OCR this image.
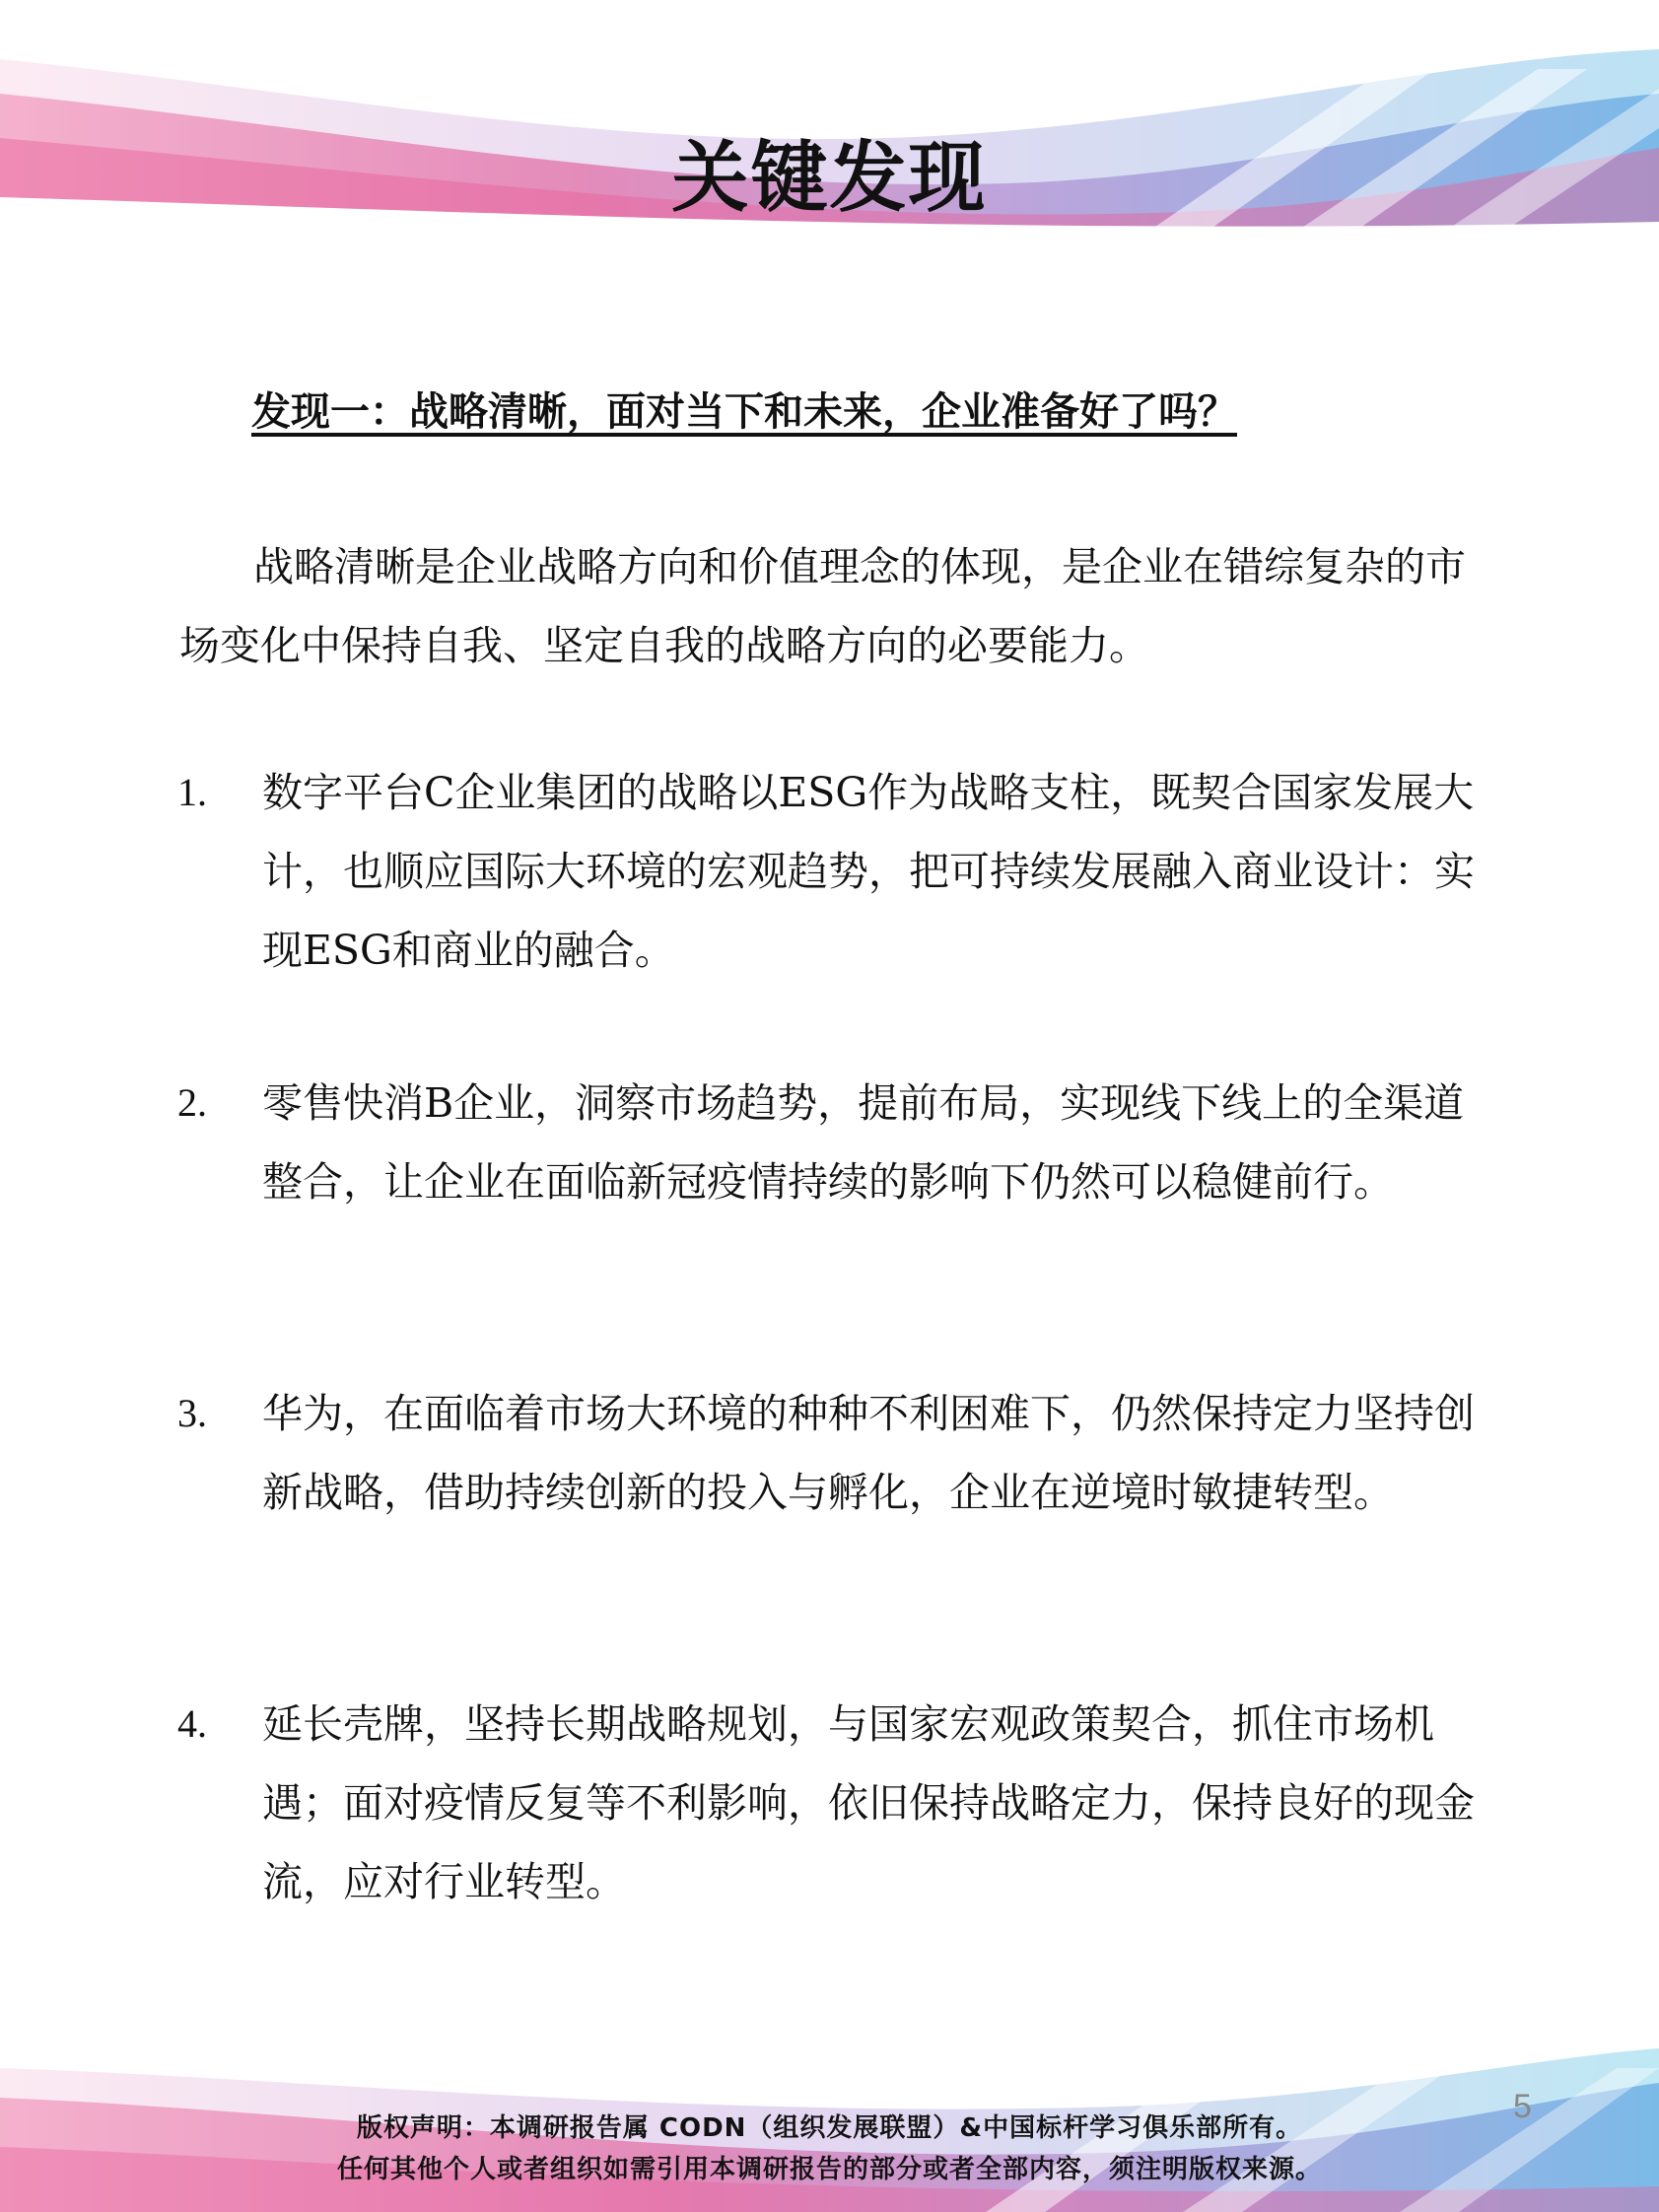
关键发现
发现一：战略清晰，面对当下和未来，企业准备好了吗？

战略清晰是企业战略方向和价值理念的体现，是企业在错综复杂的市场变化中保持自我、坚定自我的战略方向的必要能力。

1. 数字平台C企业集团的战略以ESG作为战略支柱，既契合国家发展大计，也顺应国际大环境的宏观趋势，把可持续发展融入商业设计：实现ESG和商业的融合。
2. 零售快消B企业，洞察市场趋势，提前布局，实现线下线上的全渠道整合，让企业在面临新冠疫情持续的影响下仍然可以稳健前行。
3. 华为，在面临着市场大环境的种种不利困难下，仍然保持定力坚持创新战略，借助持续创新的投入与孵化，企业在逆境时敏捷转型。
4. 延长壳牌，坚持长期战略规划，与国家宏观政策契合，抓住市场机遇；面对疫情反复等不利影响，依旧保持战略定力，保持良好的现金流，应对行业转型。
5
版权声明：本调研报告属 CODN（组织发展联盟）&中国标杆学习俱乐部所有。
任何其他个人或者组织如需引用本调研报告的部分或者全部内容，须注明版权来源。
